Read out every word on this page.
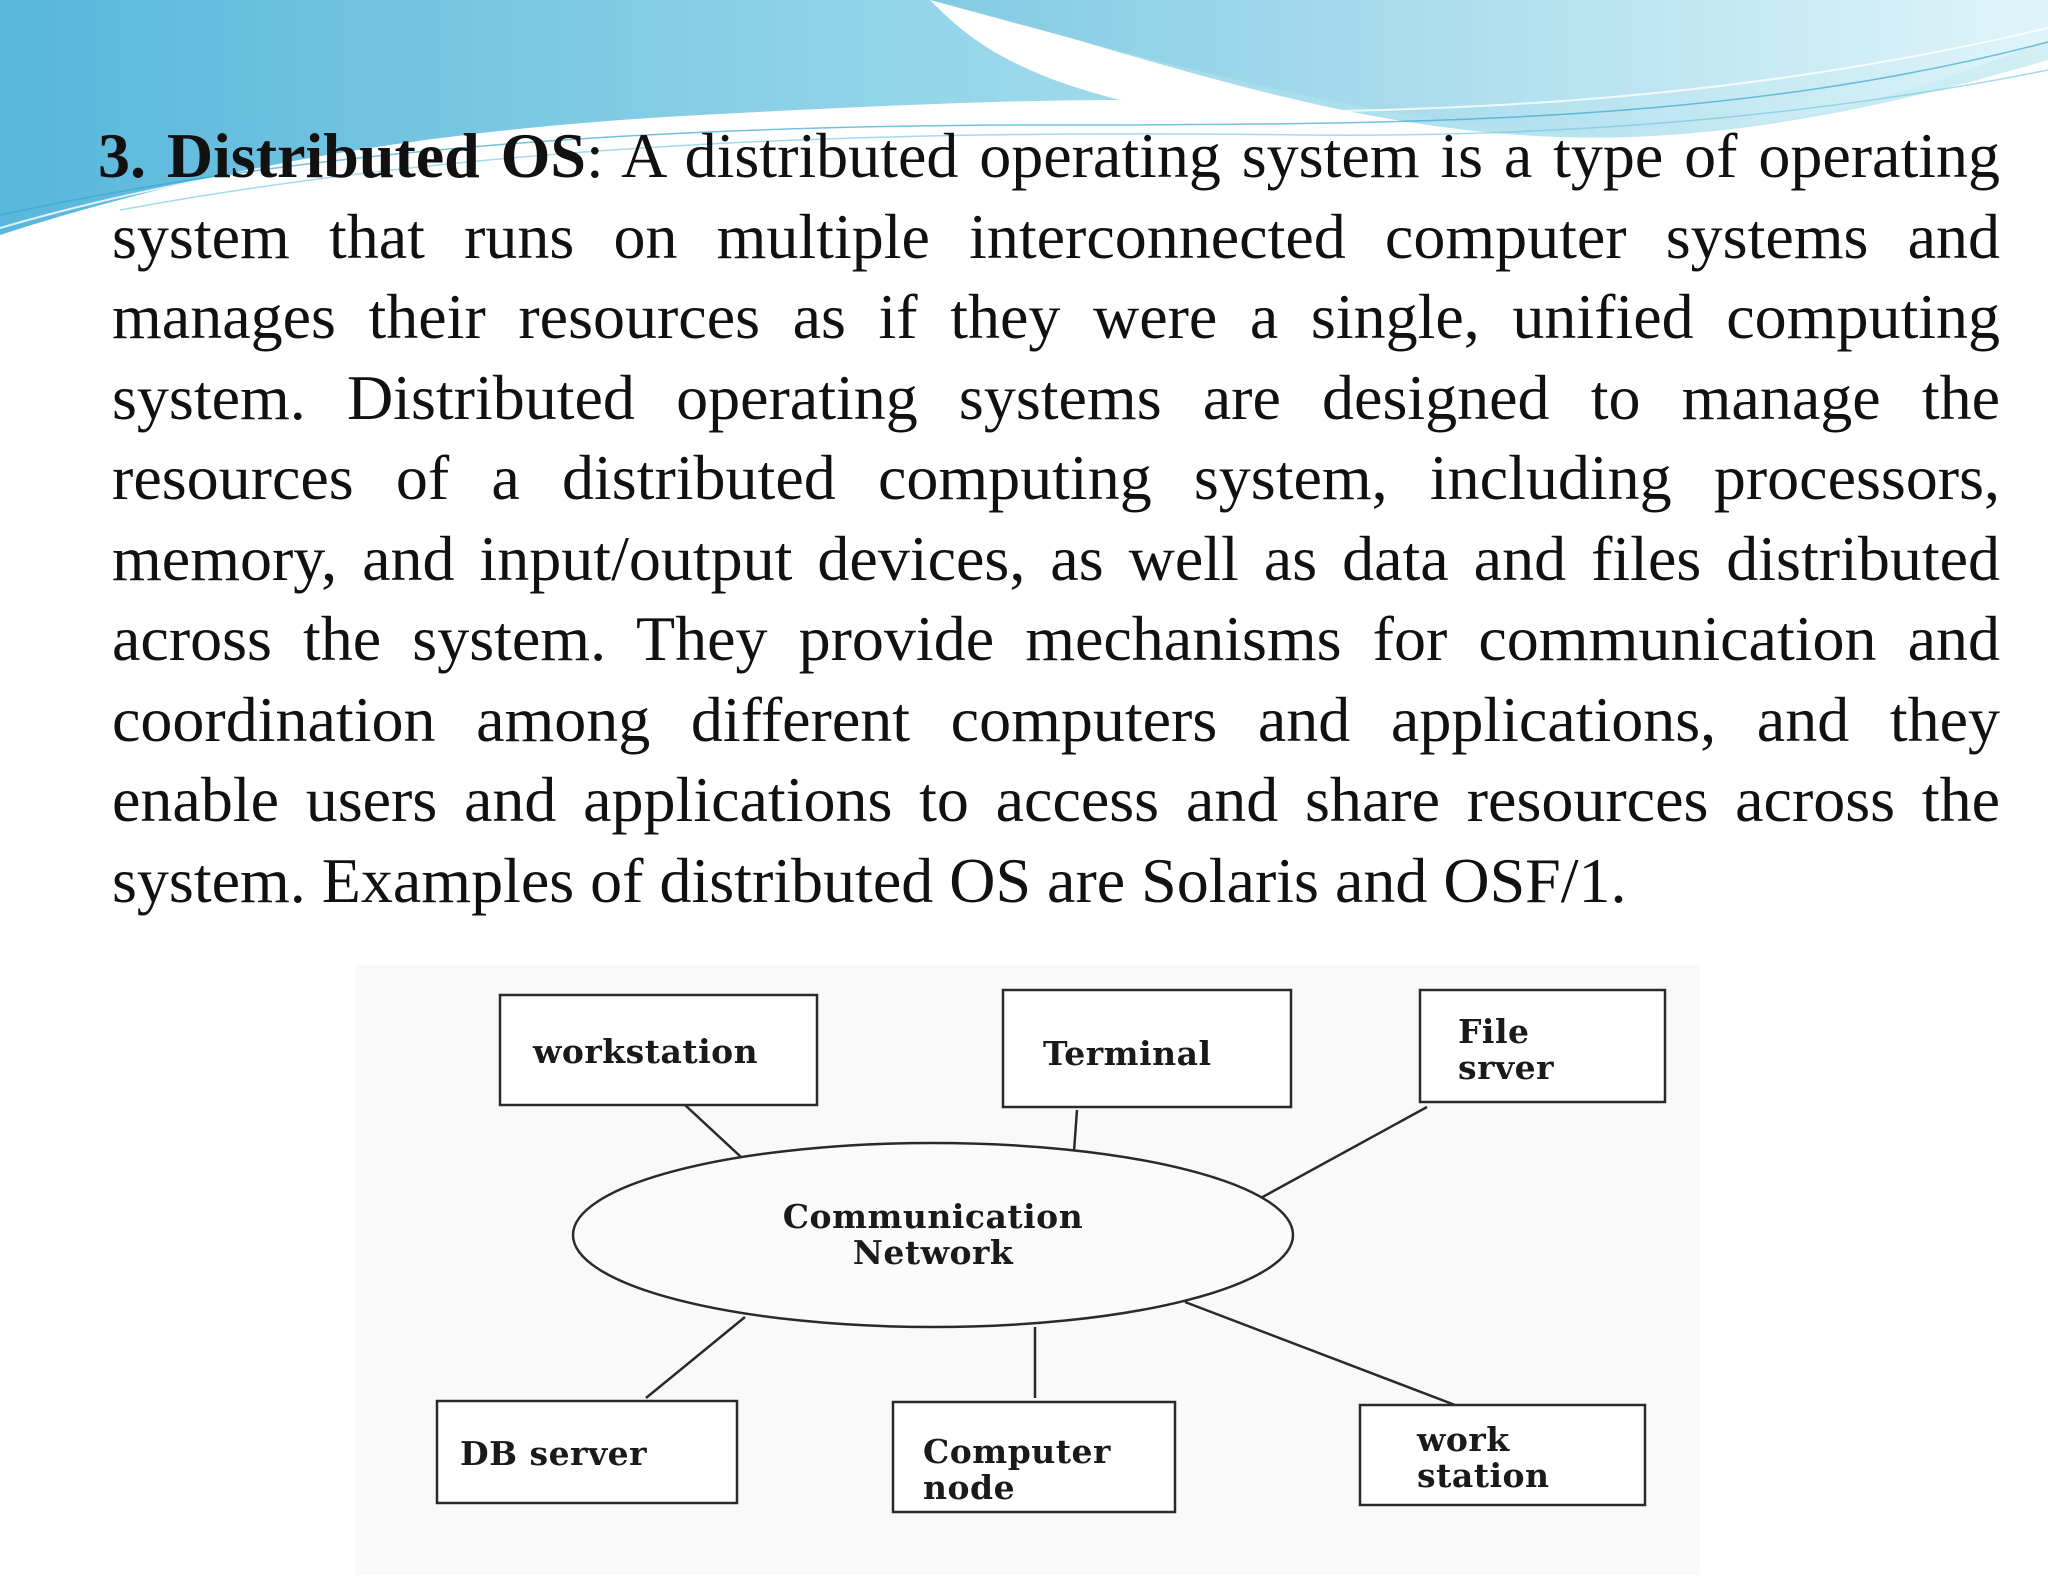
3. Distributed OS: A distributed operating system is a type of operating system that runs on multiple interconnected computer systems and manages their resources as if they were a single, unified computing system. Distributed operating systems are designed to manage the resources of a distributed computing system, including processors, memory, and input/output devices, as well as data and files distributed across the system. They provide mechanisms for communication and coordination among different computers and applications, and they enable users and applications to access and share resources across the system. Examples of distributed OS are Solaris and OSF/1.

Communication
Network
workstation	Terminal
File
srver
DB server	Computer
node
work
station
